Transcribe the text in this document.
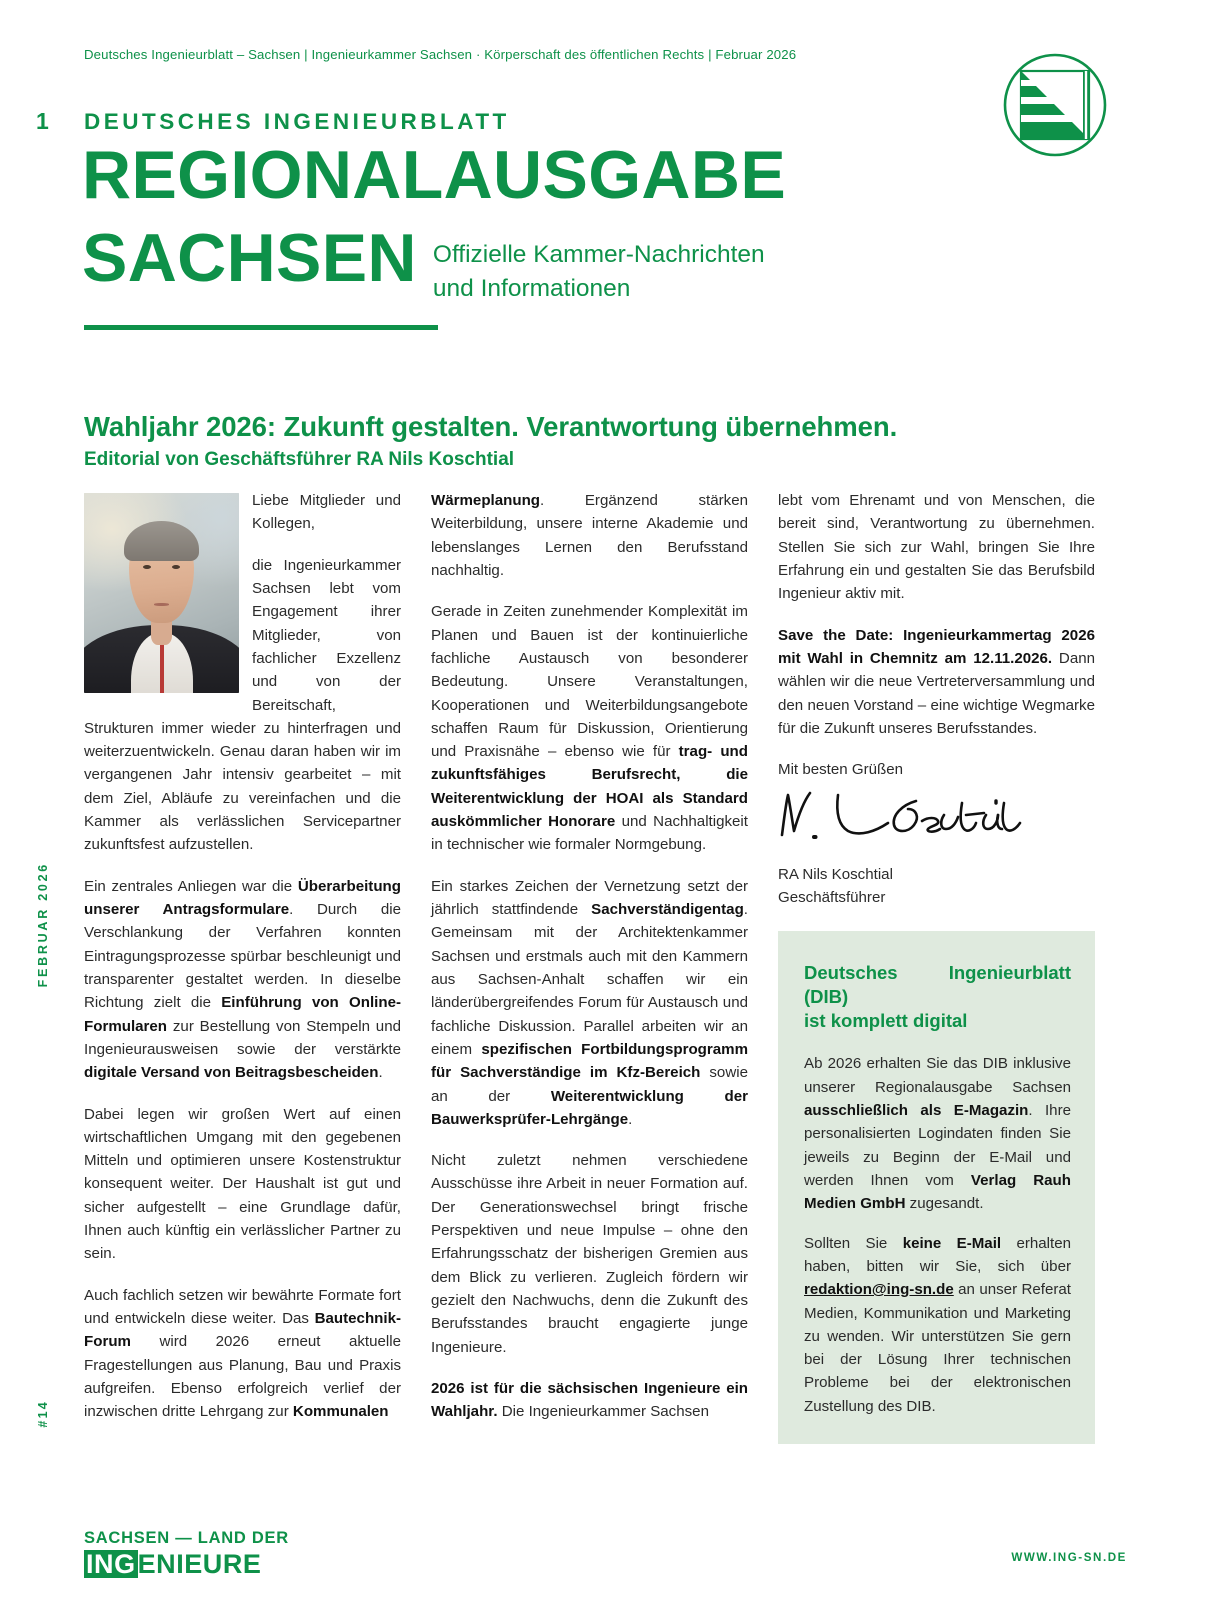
Deutsches Ingenieurblatt – Sachsen | Ingenieurkammer Sachsen · Körperschaft des öffentlichen Rechts | Februar 2026
1	DEUTSCHES INGENIEURBLATT
REGIONALAUSGABE
SACHSEN Offizielle Kammer-Nachrichten
und Informationen
Wahljahr 2026: Zukunft gestalten. Verantwortung übernehmen.
Editorial von Geschäftsführer RA Nils Koschtial

Liebe Mitglieder und Kollegen,

die Ingenieurkammer Sachsen lebt vom Engagement ihrer Mitglieder, von fachlicher Exzellenz und von der Bereitschaft, Strukturen immer wieder zu hinterfragen und weiterzuentwickeln. Genau daran haben wir im vergangenen Jahr intensiv gearbeitet – mit dem Ziel, Abläufe zu vereinfachen und die Kammer als verlässlichen Servicepartner zukunftsfest aufzustellen.

Ein zentrales Anliegen war die Überarbeitung unserer Antragsformulare. Durch die Verschlankung der Verfahren konnten Eintragungsprozesse spürbar beschleunigt und transparenter gestaltet werden. In dieselbe Richtung zielt die Einführung von Online-Formularen zur Bestellung von Stempeln und Ingenieurausweisen sowie der verstärkte digitale Versand von Beitragsbescheiden.

Dabei legen wir großen Wert auf einen wirtschaftlichen Umgang mit den gegebenen Mitteln und optimieren unsere Kostenstruktur konsequent weiter. Der Haushalt ist gut und sicher aufgestellt – eine Grundlage dafür, Ihnen auch künftig ein verlässlicher Partner zu sein.

Auch fachlich setzen wir bewährte Formate fort und entwickeln diese weiter. Das Bautechnik-Forum wird 2026 erneut aktuelle Fragestellungen aus Planung, Bau und Praxis aufgreifen. Ebenso erfolgreich verlief der inzwischen dritte Lehrgang zur Kommunalen

Wärmeplanung. Ergänzend stärken Weiterbildung, unsere interne Akademie und lebenslanges Lernen den Berufsstand nachhaltig.

Gerade in Zeiten zunehmender Komplexität im Planen und Bauen ist der kontinuierliche fachliche Austausch von besonderer Bedeutung. Unsere Veranstaltungen, Kooperationen und Weiterbildungsangebote schaffen Raum für Diskussion, Orientierung und Praxisnähe – ebenso wie für trag- und zukunftsfähiges Berufsrecht, die Weiterentwicklung der HOAI als Standard auskömmlicher Honorare und Nachhaltigkeit in technischer wie formaler Normgebung.

Ein starkes Zeichen der Vernetzung setzt der jährlich stattfindende Sachverständigentag. Gemeinsam mit der Architektenkammer Sachsen und erstmals auch mit den Kammern aus Sachsen-Anhalt schaffen wir ein länderübergreifendes Forum für Austausch und fachliche Diskussion. Parallel arbeiten wir an einem spezifischen Fortbildungsprogramm für Sachverständige im Kfz-Bereich sowie an der Weiterentwicklung der Bauwerksprüfer-Lehrgänge.

Nicht zuletzt nehmen verschiedene Ausschüsse ihre Arbeit in neuer Formation auf. Der Generationswechsel bringt frische Perspektiven und neue Impulse – ohne den Erfahrungsschatz der bisherigen Gremien aus dem Blick zu verlieren. Zugleich fördern wir gezielt den Nachwuchs, denn die Zukunft des Berufsstandes braucht engagierte junge Ingenieure.

2026 ist für die sächsischen Ingenieure ein Wahljahr. Die Ingenieurkammer Sachsen

lebt vom Ehrenamt und von Menschen, die bereit sind, Verantwortung zu übernehmen. Stellen Sie sich zur Wahl, bringen Sie Ihre Erfahrung ein und gestalten Sie das Berufsbild Ingenieur aktiv mit.

Save the Date: Ingenieurkammertag 2026 mit Wahl in Chemnitz am 12.11.2026. Dann wählen wir die neue Vertreterversammlung und den neuen Vorstand – eine wichtige Wegmarke für die Zukunft unseres Berufsstandes.

Mit besten Grüßen

RA Nils Koschtial

Geschäftsführer

Deutsches Ingenieurblatt (DIB)
ist komplett digital

Ab 2026 erhalten Sie das DIB inklusive unserer Regionalausgabe Sachsen ausschließlich als E-Magazin. Ihre personalisierten Logindaten finden Sie jeweils zu Beginn der E-Mail und werden Ihnen vom Verlag Rauh Medien GmbH zugesandt.

Sollten Sie keine E-Mail erhalten haben, bitten wir Sie, sich über redaktion@ing-sn.de an unser Referat Medien, Kommunikation und Marketing zu wenden. Wir unterstützen Sie gern bei der Lösung Ihrer technischen Probleme bei der elektronischen Zustellung des DIB.

FEBRUAR 2026
#14
SACHSEN — LAND DER
ING ENIEURE	WWW.ING-SN.DE
